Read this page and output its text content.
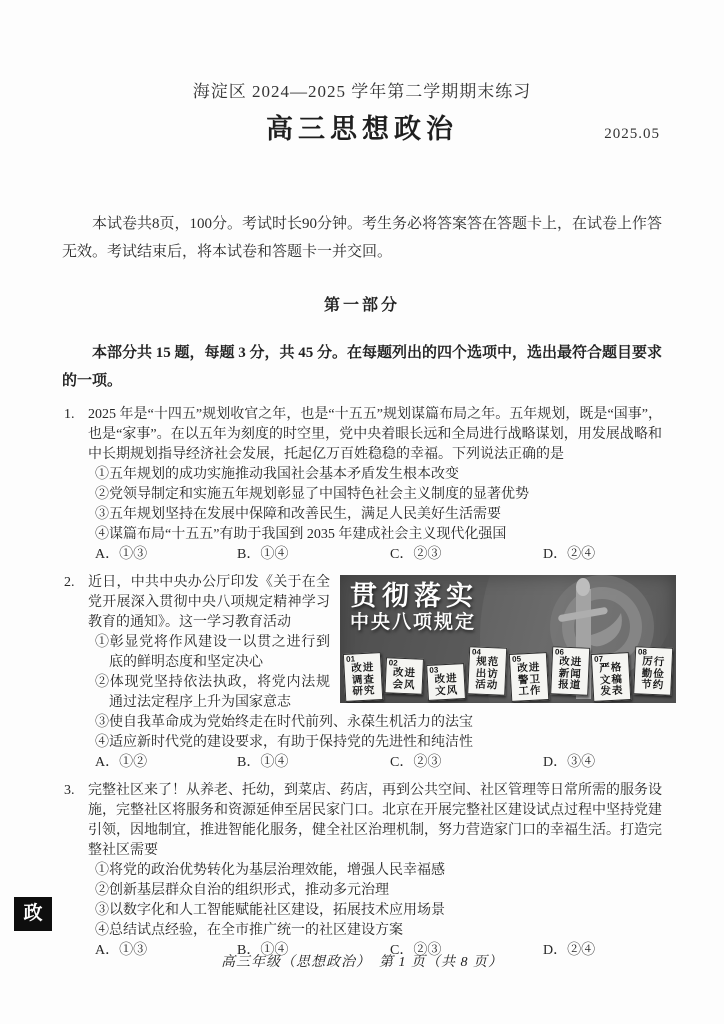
海淀区 2024—2025 学年第二学期期末练习
高三思想政治	2025.05

本试卷共8页，100分。考试时长90分钟。考生务必将答案答在答题卡上，在试卷上作答无效。考试结束后，将本试卷和答题卡一并交回。

第一部分

本部分共 15 题，每题 3 分，共 45 分。在每题列出的四个选项中，选出最符合题目要求的一项。

1. 2025 年是“十四五”规划收官之年，也是“十五五”规划谋篇布局之年。五年规划，既是“国事”，也是“家事”。在以五年为刻度的时空里，党中央着眼长远和全局进行战略谋划，用发展战略和中长期规划指导经济社会发展，托起亿万百姓稳稳的幸福。下列说法正确的是

①五年规划的成功实施推动我国社会基本矛盾发生根本改变

②党领导制定和实施五年规划彰显了中国特色社会主义制度的显著优势

③五年规划坚持在发展中保障和改善民生，满足人民美好生活需要

④谋篇布局“十五五”有助于我国到 2035 年建成社会主义现代化强国

A．①③	B．①④	C．②③	D．②④
贯彻落实
中央八项规定
01
改进
调查
研究
02
改进
会风
03
改进
文风
04
规范
出访
活动
05
改进
警卫
工作
06
改进
新闻
报道
07
严格
文稿
发表
08
厉行
勤俭
节约
2. 近日，中共中央办公厅印发《关于在全党开展深入贯彻中央八项规定精神学习教育的通知》。这一学习教育活动

①彰显党将作风建设一以贯之进行到底的鲜明态度和坚定决心

②体现党坚持依法执政，将党内法规通过法定程序上升为国家意志

③使自我革命成为党始终走在时代前列、永葆生机活力的法宝

④适应新时代党的建设要求，有助于保持党的先进性和纯洁性

A．①②	B．①④	C．②③	D．③④
3. 完整社区来了！从养老、托幼，到菜店、药店，再到公共空间、社区管理等日常所需的服务设施，完整社区将服务和资源延伸至居民家门口。北京在开展完整社区建设试点过程中坚持党建引领，因地制宜，推进智能化服务，健全社区治理机制，努力营造家门口的幸福生活。打造完整社区需要

①将党的政治优势转化为基层治理效能，增强人民幸福感

②创新基层群众自治的组织形式，推动多元治理

③以数字化和人工智能赋能社区建设，拓展技术应用场景

④总结试点经验，在全市推广统一的社区建设方案

A．①③	B．①④	C．②③	D．②④
政
高三年级（思想政治）　第 1 页（共 8 页）
